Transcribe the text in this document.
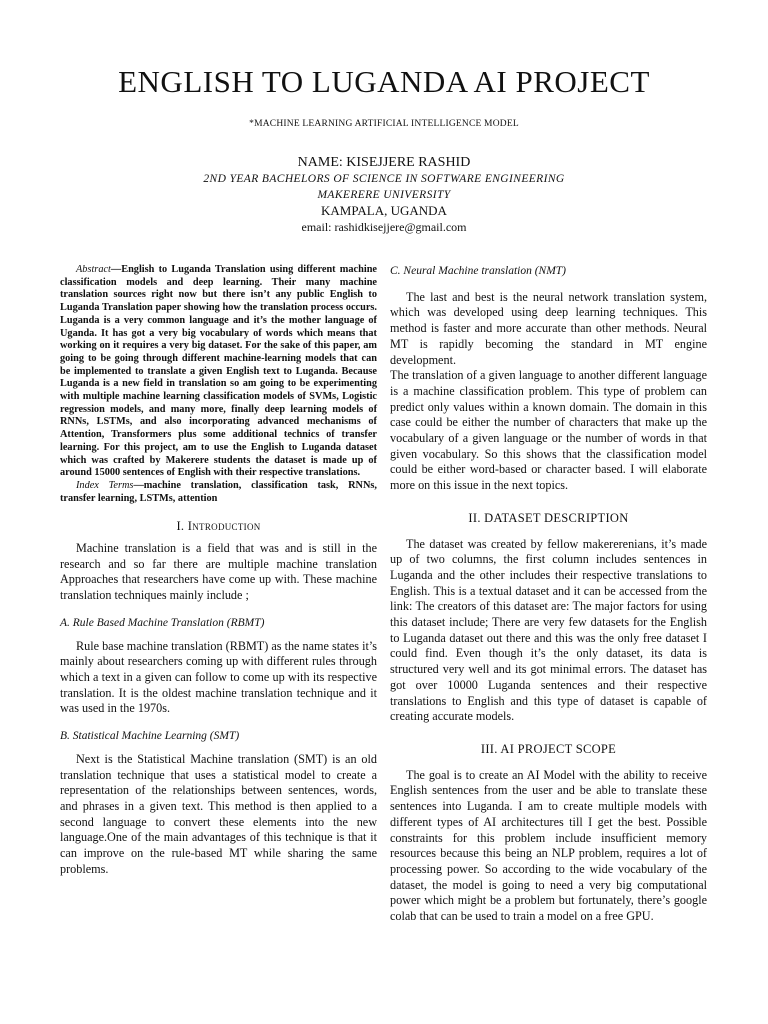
ENGLISH TO LUGANDA AI PROJECT
*MACHINE LEARNING ARTIFICIAL INTELLIGENCE MODEL
NAME: KISEJJERE RASHID
2ND YEAR BACHELORS OF SCIENCE IN SOFTWARE ENGINEERING
MAKERERE UNIVERSITY
KAMPALA, UGANDA
email: rashidkisejjere@gmail.com

Abstract—English to Luganda Translation using different machine classification models and deep learning. Their many machine translation sources right now but there isn’t any public English to Luganda Translation paper showing how the translation process occurs. Luganda is a very common language and it’s the mother language of Uganda. It has got a very big vocabulary of words which means that working on it requires a very big dataset. For the sake of this paper, am going to be going through different machine-learning models that can be implemented to translate a given English text to Luganda. Because Luganda is a new field in translation so am going to be experimenting with multiple machine learning classification models of SVMs, Logistic regression models, and many more, finally deep learning models of RNNs, LSTMs, and also incorporating advanced mechanisms of Attention, Transformers plus some additional technics of transfer learning. For this project, am to use the English to Luganda dataset which was crafted by Makerere students the dataset is made up of around 15000 sentences of English with their respective translations.

Index Terms—machine translation, classification task, RNNs, transfer learning, LSTMs, attention

I. Introduction

Machine translation is a field that was and is still in the research and so far there are multiple machine translation Approaches that researchers have come up with. These machine translation techniques mainly include ;

A. Rule Based Machine Translation (RBMT)

Rule base machine translation (RBMT) as the name states it’s mainly about researchers coming up with different rules through which a text in a given can follow to come up with its respective translation. It is the oldest machine translation technique and it was used in the 1970s.

B. Statistical Machine Learning (SMT)

Next is the Statistical Machine translation (SMT) is an old translation technique that uses a statistical model to create a representation of the relationships between sentences, words, and phrases in a given text. This method is then applied to a second language to convert these elements into the new language.One of the main advantages of this technique is that it can improve on the rule-based MT while sharing the same problems.

C. Neural Machine translation (NMT)

The last and best is the neural network translation system, which was developed using deep learning techniques. This method is faster and more accurate than other methods. Neural MT is rapidly becoming the standard in MT engine development.

The translation of a given language to another different language is a machine classification problem. This type of problem can predict only values within a known domain. The domain in this case could be either the number of characters that make up the vocabulary of a given language or the number of words in that given vocabulary. So this shows that the classification model could be either word-based or character based. I will elaborate more on this issue in the next topics.

II. DATASET DESCRIPTION

The dataset was created by fellow makererenians, it’s made up of two columns, the first column includes sentences in Luganda and the other includes their respective translations to English. This is a textual dataset and it can be accessed from the link: The creators of this dataset are: The major factors for using this dataset include; There are very few datasets for the English to Luganda dataset out there and this was the only free dataset I could find. Even though it’s the only dataset, its data is structured very well and its got minimal errors. The dataset has got over 10000 Luganda sentences and their respective translations to English and this type of dataset is capable of creating accurate models.

III. AI PROJECT SCOPE

The goal is to create an AI Model with the ability to receive English sentences from the user and be able to translate these sentences into Luganda. I am to create multiple models with different types of AI architectures till I get the best. Possible constraints for this problem include insufficient memory resources because this being an NLP problem, requires a lot of processing power. So according to the wide vocabulary of the dataset, the model is going to need a very big computational power which might be a problem but fortunately, there’s google colab that can be used to train a model on a free GPU.
